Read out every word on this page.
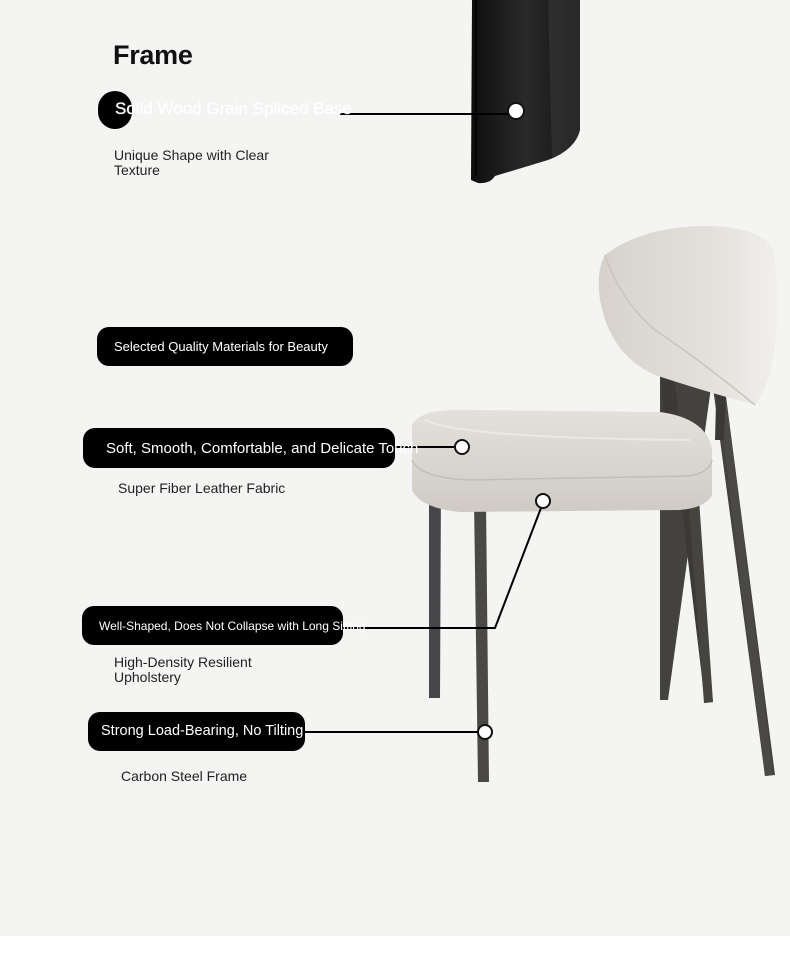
Frame
Solid Wood Grain Spliced Base
Unique Shape with Clear Texture
Selected Quality Materials for Beauty
Soft, Smooth, Comfortable, and Delicate Touch
Super Fiber Leather Fabric
Well-Shaped, Does Not Collapse with Long Sitting
High-Density Resilient Upholstery
Strong Load-Bearing, No Tilting
Carbon Steel Frame
